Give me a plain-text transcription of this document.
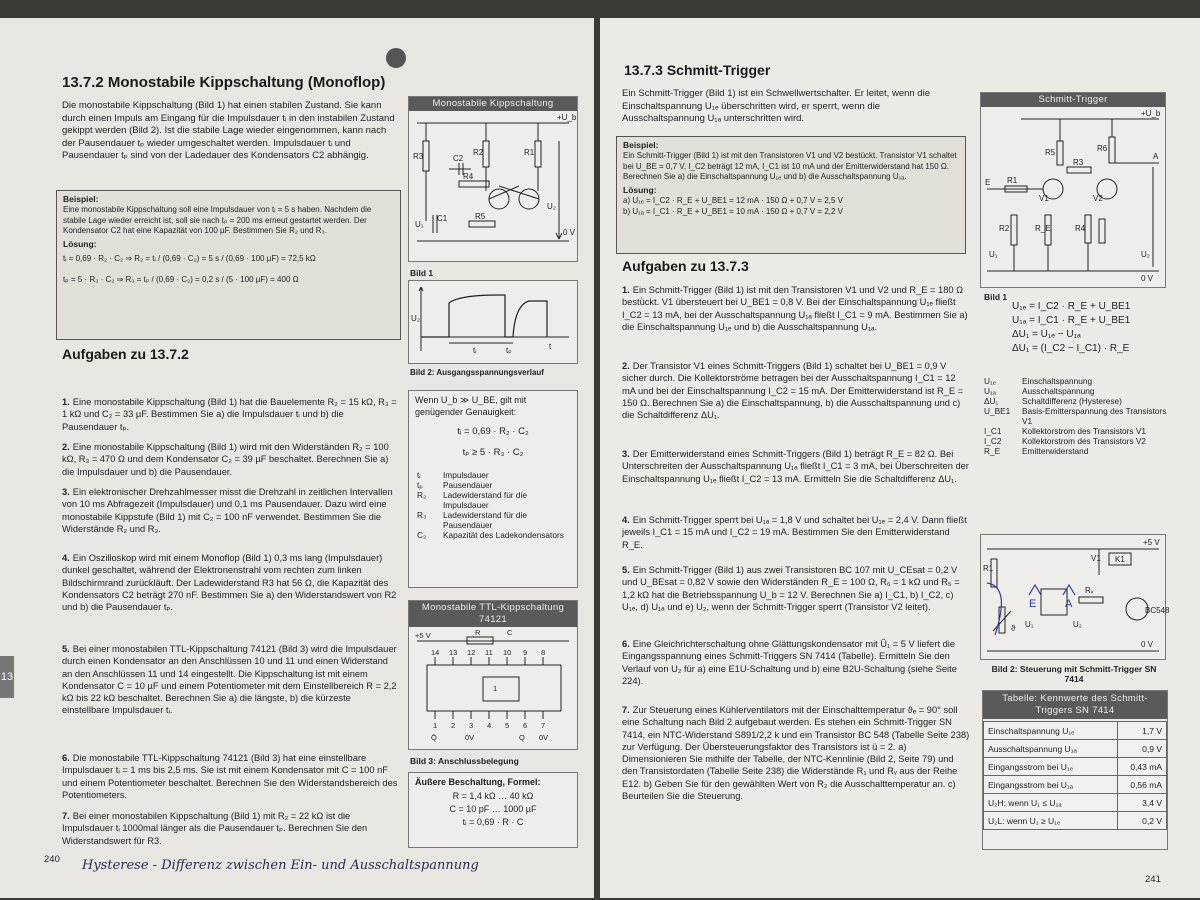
13
13.7.2 Monostabile Kippschaltung (Monoflop)
Die monostabile Kippschaltung (Bild 1) hat einen stabilen Zustand. Sie kann durch einen Impuls am Eingang für die Impulsdauer tᵢ in den instabilen Zustand gekippt werden (Bild 2). Ist die stabile Lage wieder eingenommen, kann nach der Pausendauer tₚ wieder umgeschaltet werden. Impulsdauer tᵢ und Pausendauer tₚ sind von der Ladedauer des Kondensators C2 abhängig.
Beispiel:
Eine monostabile Kippschaltung soll eine Impulsdauer von tᵢ = 5 s haben. Nachdem die stabile Lage wieder erreicht ist, soll sie nach tₚ = 200 ms erneut gestartet werden. Der Kondensator C2 hat eine Kapazität von 100 µF. Bestimmen Sie R₂ und R₃.
Lösung:
tᵢ = 0,69 · R₂ · C₂ ⇒ R₂ = tᵢ / (0,69 · C₂) = 5 s / (0,69 · 100 µF) = 72,5 kΩ
tₚ = 5 · R₃ · C₂ ⇒ R₃ = tₚ / (0,69 · C₂) = 0,2 s / (5 · 100 µF) = 400 Ω
Aufgaben zu 13.7.2
1. Eine monostabile Kippschaltung (Bild 1) hat die Bauelemente R₂ = 15 kΩ, R₃ = 1 kΩ und C₂ = 33 µF. Bestimmen Sie a) die Impulsdauer tᵢ und b) die Pausendauer tₚ.
2. Eine monostabile Kippschaltung (Bild 1) wird mit den Widerständen R₂ = 100 kΩ, R₃ = 470 Ω und dem Kondensator C₂ = 39 µF beschaltet. Berechnen Sie a) die Impulsdauer und b) die Pausendauer.
3. Ein elektronischer Drehzahlmesser misst die Drehzahl in zeitlichen Intervallen von 10 ms Abfragezeit (Impulsdauer) und 0,1 ms Pausendauer. Dazu wird eine monostabile Kippstufe (Bild 1) mit C₂ = 100 nF verwendet. Bestimmen Sie die Widerstände R₂ und R₃.
4. Ein Oszilloskop wird mit einem Monoflop (Bild 1) 0,3 ms lang (Impulsdauer) dunkel geschaltet, während der Elektronenstrahl vom rechten zum linken Bildschirmrand zurückläuft. Der Ladewiderstand R3 hat 56 Ω, die Kapazität des Kondensators C2 beträgt 270 nF. Bestimmen Sie a) den Widerstandswert von R2 und b) die Pausendauer tₚ.
5. Bei einer monostabilen TTL-Kippschaltung 74121 (Bild 3) wird die Impulsdauer durch einen Kondensator an den Anschlüssen 10 und 11 und einen Widerstand an den Anschlüssen 11 und 14 eingestellt. Die Kippschaltung ist mit einem Kondensator C = 10 µF und einem Potentiometer mit dem Einstellbereich R = 2,2 kΩ bis 22 kΩ beschaltet. Berechnen Sie a) die längste, b) die kürzeste einstellbare Impulsdauer tᵢ.
6. Die monostabile TTL-Kippschaltung 74121 (Bild 3) hat eine einstellbare Impulsdauer tᵢ = 1 ms bis 2,5 ms. Sie ist mit einem Kondensator mit C = 100 nF und einem Potentiometer beschaltet. Berechnen Sie den Widerstandsbereich des Potentiometers.
7. Bei einer monostabilen Kippschaltung (Bild 1) mit R₂ = 22 kΩ ist die Impulsdauer tᵢ 1000mal länger als die Pausendauer tₚ. Berechnen Sie den Widerstandswert für R3.
Monostabile Kippschaltung
+U_b
R3	R2	R1
C2
R4
C1	R5
U₂
0 V
U₁
Bild 1
U₂
tᵢ	tₚ	t
Bild 2: Ausgangsspannungsverlauf
Wenn U_b ≫ U_BE, gilt mit genügender Genauigkeit:
tᵢ = 0,69 · R₂ · C₂
tₚ ≥ 5 · R₃ · C₂
tᵢ	Impulsdauer
tₚ	Pausendauer
R₂	Ladewiderstand für die Impulsdauer
R₃	Ladewiderstand für die Pausendauer
C₂	Kapazität des Ladekondensators
Monostabile TTL-Kippschaltung 74121
+5 V	R	C
14 13 12 11 10 9 8
1 2 3 4 5 6 7
Q̄	0V	Q 0V
1
Bild 3: Anschlussbelegung
Äußere Beschaltung, Formel:
R = 1,4 kΩ … 40 kΩ
C = 10 pF … 1000 µF
tᵢ = 0,69 · R · C
240 Hysterese - Differenz zwischen Ein- und Ausschaltspannung
13.7.3 Schmitt-Trigger
Ein Schmitt-Trigger (Bild 1) ist ein Schwellwertschalter. Er leitet, wenn die Einschaltspannung U₁ₑ überschritten wird, er sperrt, wenn die Ausschaltspannung U₁ₐ unterschritten wird.
Beispiel:
Ein Schmitt-Trigger (Bild 1) ist mit den Transistoren V1 und V2 bestückt. Transistor V1 schaltet bei U_BE = 0,7 V, I_C2 beträgt 12 mA, I_C1 ist 10 mA und der Emitterwiderstand hat 150 Ω. Berechnen Sie a) die Einschaltspannung U₁ₑ und b) die Ausschaltspannung U₁ₐ.
Lösung:
a) U₁ₑ = I_C2 · R_E + U_BE1 = 12 mA · 150 Ω + 0,7 V = 2,5 V
b) U₁ₐ = I_C1 · R_E + U_BE1 = 10 mA · 150 Ω + 0,7 V = 2,2 V
Aufgaben zu 13.7.3
1. Ein Schmitt-Trigger (Bild 1) ist mit den Transistoren V1 und V2 und R_E = 180 Ω bestückt. V1 übersteuert bei U_BE1 = 0,8 V. Bei der Einschaltspannung U₁ₑ fließt I_C2 = 13 mA, bei der Ausschaltspannung U₁ₐ fließt I_C1 = 9 mA. Bestimmen Sie a) die Einschaltspannung U₁ₑ und b) die Ausschaltspannung U₁ₐ.
2. Der Transistor V1 eines Schmitt-Triggers (Bild 1) schaltet bei U_BE1 = 0,9 V sicher durch. Die Kollektorströme betragen bei der Ausschaltspannung I_C1 = 12 mA und bei der Einschaltspannung I_C2 = 15 mA. Der Emitterwiderstand ist R_E = 150 Ω. Berechnen Sie a) die Einschaltspannung, b) die Ausschaltspannung und c) die Schaltdifferenz ΔU₁.
3. Der Emitterwiderstand eines Schmitt-Triggers (Bild 1) beträgt R_E = 82 Ω. Bei Unterschreiten der Ausschaltspannung U₁ₐ fließt I_C1 = 3 mA, bei Überschreiten der Einschaltspannung U₁ₑ fließt I_C2 = 13 mA. Ermitteln Sie die Schaltdifferenz ΔU₁.
4. Ein Schmitt-Trigger sperrt bei U₁ₐ = 1,8 V und schaltet bei U₁ₑ = 2,4 V. Dann fließt jeweils I_C1 = 15 mA und I_C2 = 19 mA. Bestimmen Sie den Emitterwiderstand R_E.
5. Ein Schmitt-Trigger (Bild 1) aus zwei Transistoren BC 107 mit U_CEsat = 0,2 V und U_BEsat = 0,82 V sowie den Widerständen R_E = 100 Ω, R₆ = 1 kΩ und R₅ = 1,2 kΩ hat die Betriebsspannung U_b = 12 V. Berechnen Sie a) I_C1, b) I_C2, c) U₁ₑ, d) U₁ₐ und e) U₂, wenn der Schmitt-Trigger sperrt (Transistor V2 leitet).
6. Eine Gleichrichterschaltung ohne Glättungskondensator mit Û₁ = 5 V liefert die Eingangsspannung eines Schmitt-Triggers SN 7414 (Tabelle). Ermitteln Sie den Verlauf von U₂ für a) eine E1U-Schaltung und b) eine B2U-Schaltung (siehe Seite 224).
7. Zur Steuerung eines Kühlerventilators mit der Einschalttemperatur ϑₑ = 90° soll eine Schaltung nach Bild 2 aufgebaut werden. Es stehen ein Schmitt-Trigger SN 7414, ein NTC-Widerstand S891/2,2 k und ein Transistor BC 548 (Tabelle Seite 238) zur Verfügung. Der Übersteuerungsfaktor des Transistors ist ü = 2. a) Dimensionieren Sie mithilfe der Tabelle, der NTC-Kennlinie (Bild 2, Seite 79) und den Transistordaten (Tabelle Seite 238) die Widerstände R₁ und Rᵥ aus der Reihe E12. b) Geben Sie für den gewählten Wert von R₂ die Ausschalttemperatur an. c) Beurteilen Sie die Steuerung.
Schmitt-Trigger
+U_b
R5	R6
R3
R1
E
A
V1	V2
R2	R_E	R4
U₁	U₂
0 V
Bild 1
U₁ₑ = I_C2 · R_E + U_BE1
U₁ₐ = I_C1 · R_E + U_BE1
ΔU₁ = U₁ₑ − U₁ₐ
ΔU₁ = (I_C2 − I_C1) · R_E
U₁ₑ	Einschaltspannung
U₁ₐ	Ausschaltspannung
ΔU₁	Schaltdifferenz (Hysterese)
U_BE1	Basis-Emitterspannung des Transistors V1
I_C1	Kollektorstrom des Transistors V1
I_C2	Kollektorstrom des Transistors V2
R_E	Emitterwiderstand
+5 V
R1
V1 K1
Rᵥ
BC548
ϑ U₁	U₂
0 V
E	A
Bild 2: Steuerung mit Schmitt-Trigger SN 7414
Tabelle: Kennwerte des Schmitt-Triggers SN 7414
Einschaltspannung U₁ₑ	1,7 V
Ausschaltspannung U₁ₐ	0,9 V
Eingangsstrom bei U₁ₑ	0,43 mA
Eingangsstrom bei U₁ₐ	0,56 mA
U₂H: wenn U₁ ≤ U₁ₐ	3,4 V
U₂L: wenn U₁ ≥ U₁ₑ	0,2 V
241
